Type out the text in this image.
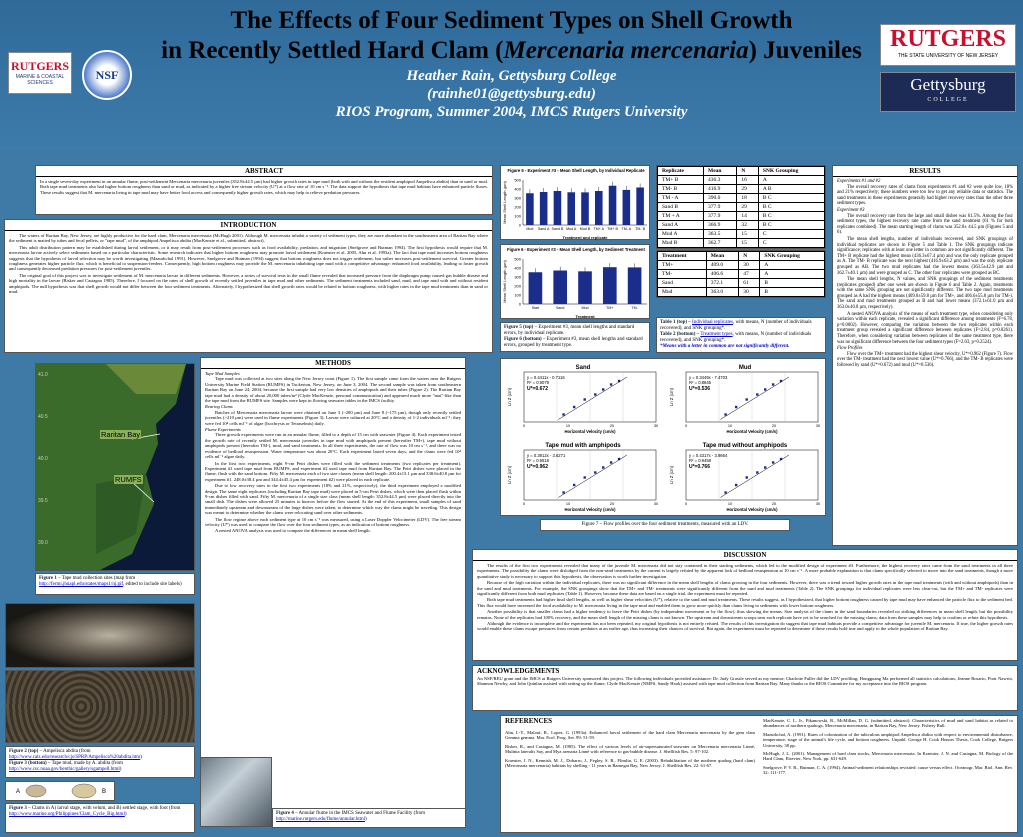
The Effects of Four Sediment Types on Shell Growth
in Recently Settled Hard Clam (Mercenaria mercenaria) Juveniles
Heather Rain, Gettysburg College
(rainhe01@gettysburg.edu)
RIOS Program, Summer 2004, IMCS Rutgers University
RUTGERS
MARINE & COASTAL SCIENCES
NSF
RUTGERS
THE STATE UNIVERSITY OF NEW JERSEY
Gettysburg
COLLEGE
ABSTRACT
In a single seven-day experiment in an annular flume, post-settlement Mercenaria mercenaria juveniles (352.8±44.5 µm) had higher growth rates in tape mud (both with and without the resident amphipod Ampelisca abdita) than in sand or mud. Both tape mud treatments also had higher bottom roughness than sand or mud, as indicated by a higher free stream velocity (U*) at a flow rate of 10 cm s⁻¹. The data support the hypothesis that tape mud habitats have enhanced particle fluxes. These results suggest that M. mercenaria living in tape mud may have better food access and consequently higher growth rates, which may help to relieve predation pressures.
INTRODUCTION

The waters of Raritan Bay, New Jersey, are highly productive for the hard clam, Mercenaria mercenaria (McHugh 2001). Although M. mercenaria inhabit a variety of sediment types, they are more abundant in the southeastern area of Raritan Bay where the sediment is matted by tubes and fecal pellets, or "tape mud", of the amphipod Ampelisca abdita (MacKenzie et al., submitted, abstract).

This adult distribution pattern may be established during larval settlement, or it may result from post-settlement processes such as food availability, predation, and migration (Snelgrove and Butman 1994). The first hypothesis would require that M. mercenaria larvae actively select sediments based on a particular characteristic. Some research indicates that higher bottom roughness may promote larval settlement (Kraeuter et al. 2005, Ahn et al. 1993a). The fact that tape mud increases bottom roughness suggests that the hypothesis of larval selection may be worth investigating (Mazurkchal 1991). However, Snelgrove and Butman (1994) suggest that bottom roughness does not trigger settlement, but rather increases post-settlement survival. Greater bottom roughness generates higher particle flux, which is beneficial to suspension-feeders. Consequently, high bottom roughness may provide the M. mercenaria inhabiting tape mud with a competitive advantage: enhanced food availability, leading to faster growth and consequently decreased predation pressures for post-settlement juveniles.

The original goal of this project was to investigate settlement of M. mercenaria larvae in different sediments. However, a series of survival tests in the small flume revealed that increased pressure from the diaphragm pump caused gas bubble disease and high mortality in the larvae (Bisker and Castagna 1985). Therefore, I focused on the rates of shell growth of recently settled juveniles in tape mud and other sediments. The sediment treatments included sand, mud, and tape mud with and without resident amphipods. The null hypothesis was that shell growth would not differ between the four sediment treatments. Alternately, I hypothesized that shell growth rates would be related to bottom roughness, with higher rates in the tape mud treatments than in sand or mud.

41.0
40.5
40.0
39.5
39.0
Raritan Bay
RUMFS
Figure 1 – Tape mud collection sites (map from http://fermi.jhuapl.edu/states/maps1/nj.gif, edited to include site labels)
Figure 2 (top) – Ampelisca abdita (from http://www.cals.edu/research/cjs/SPRP/Ampelisca%20abdita.htm)
Figure 3 (bottom) – Tape mud, made by A. abdita (from http://www.csc.noaa.gov/benthic/gallery/sgampell.html)
A	B
Figure 3 – Clams in A) larval stage, with velum, and B) settled stage, with foot (from http://www.marine.org/Philippines/Clam_Cycle_Big.html)
METHODS
Tape Mud Samples

Tape mud was collected at two sites along the New Jersey coast (Figure 1). The first sample came from the waters near the Rutgers University Marine Field Station (RUMFS) in Tuckerton, New Jersey, on June 3, 2004. The second sample was taken from southeastern Raritan Bay on June 24, 2004, because the first sample had very low densities of amphipods and their tubes (Figure 2). The Raritan Bay tape mud had a density of about 20,000 tubes/m² (Clyde MacKenzie, personal communication) and appeared much more "mat"-like than the tape mud from the RUMFS site. Samples were kept in flowing seawater tables in the IMCS facility.

Rearing Clams

Batches of Mercenaria mercenaria larvae were obtained on June 3 (~200 µm) and June 8 (~175 µm), though only recently settled juveniles (>210 µm) were used in flume experiments (Figure 3). Larvae were cultured at 20°C and a density of 1-2 individuals ml⁻¹; they were fed 10⁴ cells ml⁻¹ of algae (Isochrysis or Tetraselmis) daily.

Flume Experiments

Three growth experiments were run in an annular flume, filled to a depth of 15 cm with seawater (Figure 4). Each experiment tested the growth rate of recently settled M. mercenaria juveniles in tape mud with amphipods present (hereafter TM+), tape mud without amphipods present (hereafter TM-), mud, and sand treatments. In all three experiments, the rate of flow was 10 cm s⁻¹, and there was no evidence of bedload resuspension. Water temperature was about 20°C. Each experiment lasted seven days, and the clams were fed 10⁴ cells ml⁻¹ algae daily.

In the first two experiments, eight 9-cm Petri dishes were filled with the sediment treatments (two replicates per treatment). Experiment #1 used tape mud from RUMFS, and experiment #2 used tape mud from Raritan Bay. The Petri dishes were placed in the flume, flush with the sand bottom. Fifty M. mercenaria each of two size classes (mean shell length: 200.4±13.1 µm and 338.6±40.8 µm for experiment #1, 248.0±38.4 µm and 344.4±45.4 µm for experiment #2) were placed in each replicate.

Due to low recovery rates in the first two experiments (18% and 21%, respectively), the third experiment employed a modified design. The same eight replicates (including Raritan Bay tape mud) were placed in 5-cm Petri dishes, which were then placed flush within 9-cm dishes filled with sand. Fifty M. mercenaria of a single size class (mean shell length: 352.8±44.5 µm) were placed directly into the small dish. The dishes were allowed 25 minutes to burrow before the flow started. At the end of this experiment, small samples of sand immediately upstream and downstream of the large dishes were taken, to determine which way the clams might be traveling. This design was meant to determine whether the clams were relocating sand over other sediments.

The flow regime above each sediment type at 10 cm s⁻¹ was measured, using a Laser Doppler Velocimeter (LDV). The free stream velocity (U*) was used to compare the flow over the four sediment types, as an indication of bottom roughness.

A nested ANOVA analysis was used to compare the differences in mean shell length.

Figure 4 – Annular flume in the IMCS Seawater and Flume Facility (from http://marine.rutgers.edu/flume/annular.html)
Figure 5 - Experiment #3 - Mean Shell Length, by Individual Replicate
0
100
200
300
400
500
Mean Shell Length (µm)
Treatment and replicate
Mud Sand A Sand B Mud A Mud B TM+ A TM+ B TM- A TM- B
Figure 6 - Experiment #3 - Mean Shell Length, by Sediment Treatment
0
100
200
300
400
500
Mean Shell Length (µm)
Treatment
Start	Sand	Mud	TM+	TM-
Figure 5 (top) – Experiment #3, mean shell lengths and standard errors, by individual replicate.
Figure 6 (bottom) – Experiment #3, mean shell lengths and standard errors, grouped by treatment type.
Replicate	Mean	N	SNK Grouping
TM+ B	436.3	16	A
TM- B	416.9	29	A B
TM - A	390.0	18	B C
Sand B	377.9	29	B C
TM + A	377.9	14	B C
Sand A	366.9	32	B C
Mud A	363.5	15	C
Mud B	362.7	15	C
Treatment	Mean	N	SNK Grouping
TM+	409.0	30	A
TM-	406.6	47	A
Sand	372.1	61	B
Mud	363.0	30	B
Table 1 (top) – Individual replicates, with means, N (number of individuals recovered), and SNK grouping*.
Table 2 (bottom) – Treatment types, with means, N (number of individuals recovered), and SNK grouping*.
*Means with a letter in common are not significantly different.
Sand
y = 0.4411x - 0.7116
R² = 0.9079
U*=0.672
Horizontal Velocity (cm/s)
Ln Z (cm)
0	10	20	30
Mud
y = 0.3449x - 7.4703
R² = 0.8645
U*=0.536
Horizontal Velocity (cm/s)
Ln Z (cm)
0	10	20	30
Tape mud with amphipods
y = 0.3912x - 3.6271
R² = 0.9518
U*=0.962
Horizontal Velocity (cm/s)
Ln Z (cm)
0	10	20	30
Tape mud without amphipods
y = 0.4317x - 3.9864
R² = 0.9458
U*=0.766
Horizontal Velocity (cm/s)
Ln Z (cm)
0	10	20	30
Figure 7 – Flow profiles over the four sediment treatments, measured with an LDV.
RESULTS
Experiments #1 and #2

The overall recovery rates of clams from experiments #1 and #2 were quite low, 18% and 21% respectively; these numbers were too low to get any reliable data or statistics. The sand treatments in these experiments generally had higher recovery rates than the other three sediment types.

Experiment #3

The overall recovery rate from the large and small dishes was 61.5%. Among the four sediment types, the highest recovery rate came from the sand treatment (61 % for both replicates combined). The mean starting length of clams was 352.8± 44.5 µm (Figures 5 and 6).

The mean shell lengths, number of individuals recovered, and SNK groupings of individual replicates are shown in Figure 5 and Table 1. The SNK groupings indicate significance; replicates with at least one letter in common are not significantly different. The TM+ B replicate had the highest mean (436.3±67.4 µm) and was the only replicate grouped as A. The TM- B replicate was the next highest (416.9±63.2 µm) and was the only replicate grouped as AB. The two mud replicates had the lowest means (363.5±42.9 µm and 362.7±40.1 µm) and were grouped as C. The other four replicates were grouped as BC.

The mean shell lengths, N values, and SNK groupings of the sediment treatments (replicates grouped) after one week are shown in Figure 6 and Table 2. Again, treatments with the same SNK grouping are not significantly different. The two tape mud treatments grouped as A had the highest means (409.0±59.8 µm for TM+, and 406.6±55.8 µm for TM-). The sand and mud treatments grouped as B and had lower means (372.1±61.0 µm and 363.0±40.8 µm, respectively).

A nested ANOVA analysis of the means of each treatment type, when considering only variation within each replicate, revealed a significant difference among treatments (F=6.78, p=0.0002). However, comparing the variation between the two replicates within each treatment group revealed a significant difference between replicates (F=2.84, p=0.0261). Therefore, when considering variation between replicates of the same treatment type, there was no significant difference between the four sediment types (F=2.03, p=0.2524).

Flow Profiles

Flow over the TM+ treatment had the highest shear velocity, U*=0.962 (Figure 7). Flow over the TM- treatment had the next lowest value (U*=0.766), and the TM- B replicates were followed by sand (U*=0.672) and mud (U*=0.536).

DISCUSSION

The results of the first two experiments revealed that many of the juvenile M. mercenaria did not stay contained in their starting sediments, which led to the modified design of experiment #3. Furthermore, the highest recovery rates came from the sand treatments in all three experiments. The possibility the clams were dislodged from the non-sand treatments by the current is largely refuted by the apparent lack of bedload resuspension at 10 cm s⁻¹. A more probable explanation is that clams specifically selected to move into the sand treatments, though a more quantitative study is necessary to support this hypothesis, the observation is worth further investigation.

Because of the high variation within the individual replicates, there was no significant difference in the mean shell lengths of clams growing in the four sediments. However, there was a trend toward higher growth rates in the tape mud treatments (with and without amphipods) than in the sand and mud treatments. For example, the SNK groupings show that the TM+ and TM- treatments were significantly different from the sand and mud treatments (Table 2). The SNK groupings for individual replicates were less clear-cut, but the TM+ and TM- replicates were significantly different from both mud replicates (Table 1). However, because these data are based on a single trial, the experiment must be repeated.

Both tape mud treatments had higher final shell lengths, as well as higher shear velocities (U*), relative to the sand and mud treatments. These results suggest, as I hypothesized, that higher bottom roughness caused by tape mud may have enhanced the particle flux to the sediment bed. This flux would have increased the food availability to M. mercenaria living in the tape mud and enabled them to grow more quickly than clams living in sediments with lower bottom roughness.

Another possibility is that smaller clams had a higher tendency to leave the Petri dishes (by independent movement or by the flow), thus skewing the means. Size analysis of the clams in the sand boundaries revealed no striking differences in mean shell length, but the possibility remains. None of the replicates had 100% recovery, and the mean shell length of the missing clams is not known. The upstream and downstream scoops near each replicate have yet to be searched for the missing clams; data from these samples may help to confirm or refute this hypothesis.

Although the evidence is incomplete and the experiment has not been repeated, my original hypothesis is not entirely refuted. The results of this investigation do suggest that tape mud habitats provide a competitive advantage for juvenile M. mercenaria. If true, the higher growth rates would enable these clams escape pressures from certain predators at an earlier age, thus increasing their chances of survival. But again, the experiment must be repeated to determine if these results hold true and apply to the whole population of Raritan Bay.

ACKNOWLEDGEMENTS
An NSF/REU grant and the IMCS at Rutgers University sponsored this project. The following individuals provided assistance: Dr. Judy Grassle served as my mentor; Charlotte Fuller did the LDV profiling; Hongguang Ma performed all statistics calculations; Jeanne Rosario, Piotr Nawrot, Shannon Newby, and John Quinlan assisted with setting up the flume; Clyde MacKenzie (NMFS, Sandy Hook) assisted with tape mud collection from Raritan Bay. Many thanks to the RIOS Committee for my acceptance into the RIOS program.
REFERENCES

Ahn, I.-Y., Malouf, R., Lopez, G. (1993a). Enhanced larval settlement of the hard clam Mercenaria mercenaria by the gem clam Gemma gemma. Mar. Ecol. Prog. Ser. 99: 51-59.

Bisker, R., and Castagna, M. (1985). The effect of various levels of air-supersaturated seawater on Mercenaria mercenaria Linné, Mulinia lateralis Say, and Mya arenaria Linné with reference to gas-bubble disease. J. Shellfish Res. 5: 97-102.

Kraeuter, J. N., Kennish, M. J., Dobarro, J., Fegley, S. R., Flimlin, G. E. (2003). Rehabilitation of the northern quahog (hard clam) (Mercenaria mercenaria) habitats by shelling - 11 years in Barnegat Bay, New Jersey. J. Shellfish Res. 22: 61-67.

MacKenzie, C. L. Jr., Pikanowski, R., McMillan, D. G. (submitted, abstract). Characteristics of mud and sand habitat as related to abundances of northern quahogs, Mercenaria mercenaria, in Raritan Bay, New Jersey. Fishery Bull.

Mazurkchal, A. (1991). Rates of colonization of the tubiculous amphipod Ampelisca abdita with respect to environmental disturbance, temperature, stage of the animal's life cycle, and bottom roughness. Unpubl. George H. Cook Honors Thesis, Cook College, Rutgers University, 38 pp.

McHugh, J. L. (2001). Management of hard clam stocks, Mercenaria mercenaria. In Kraeuter, J. N. and Castagna, M. Biology of the Hard Clam, Elsevier, New York, pp. 631-649.

Snelgrove, P. V. R., Butman, C. A. (1994). Animal-sediment relationships revisited: cause versus effect. Oceanogr. Mar. Biol. Ann. Rev. 32: 111-177.
